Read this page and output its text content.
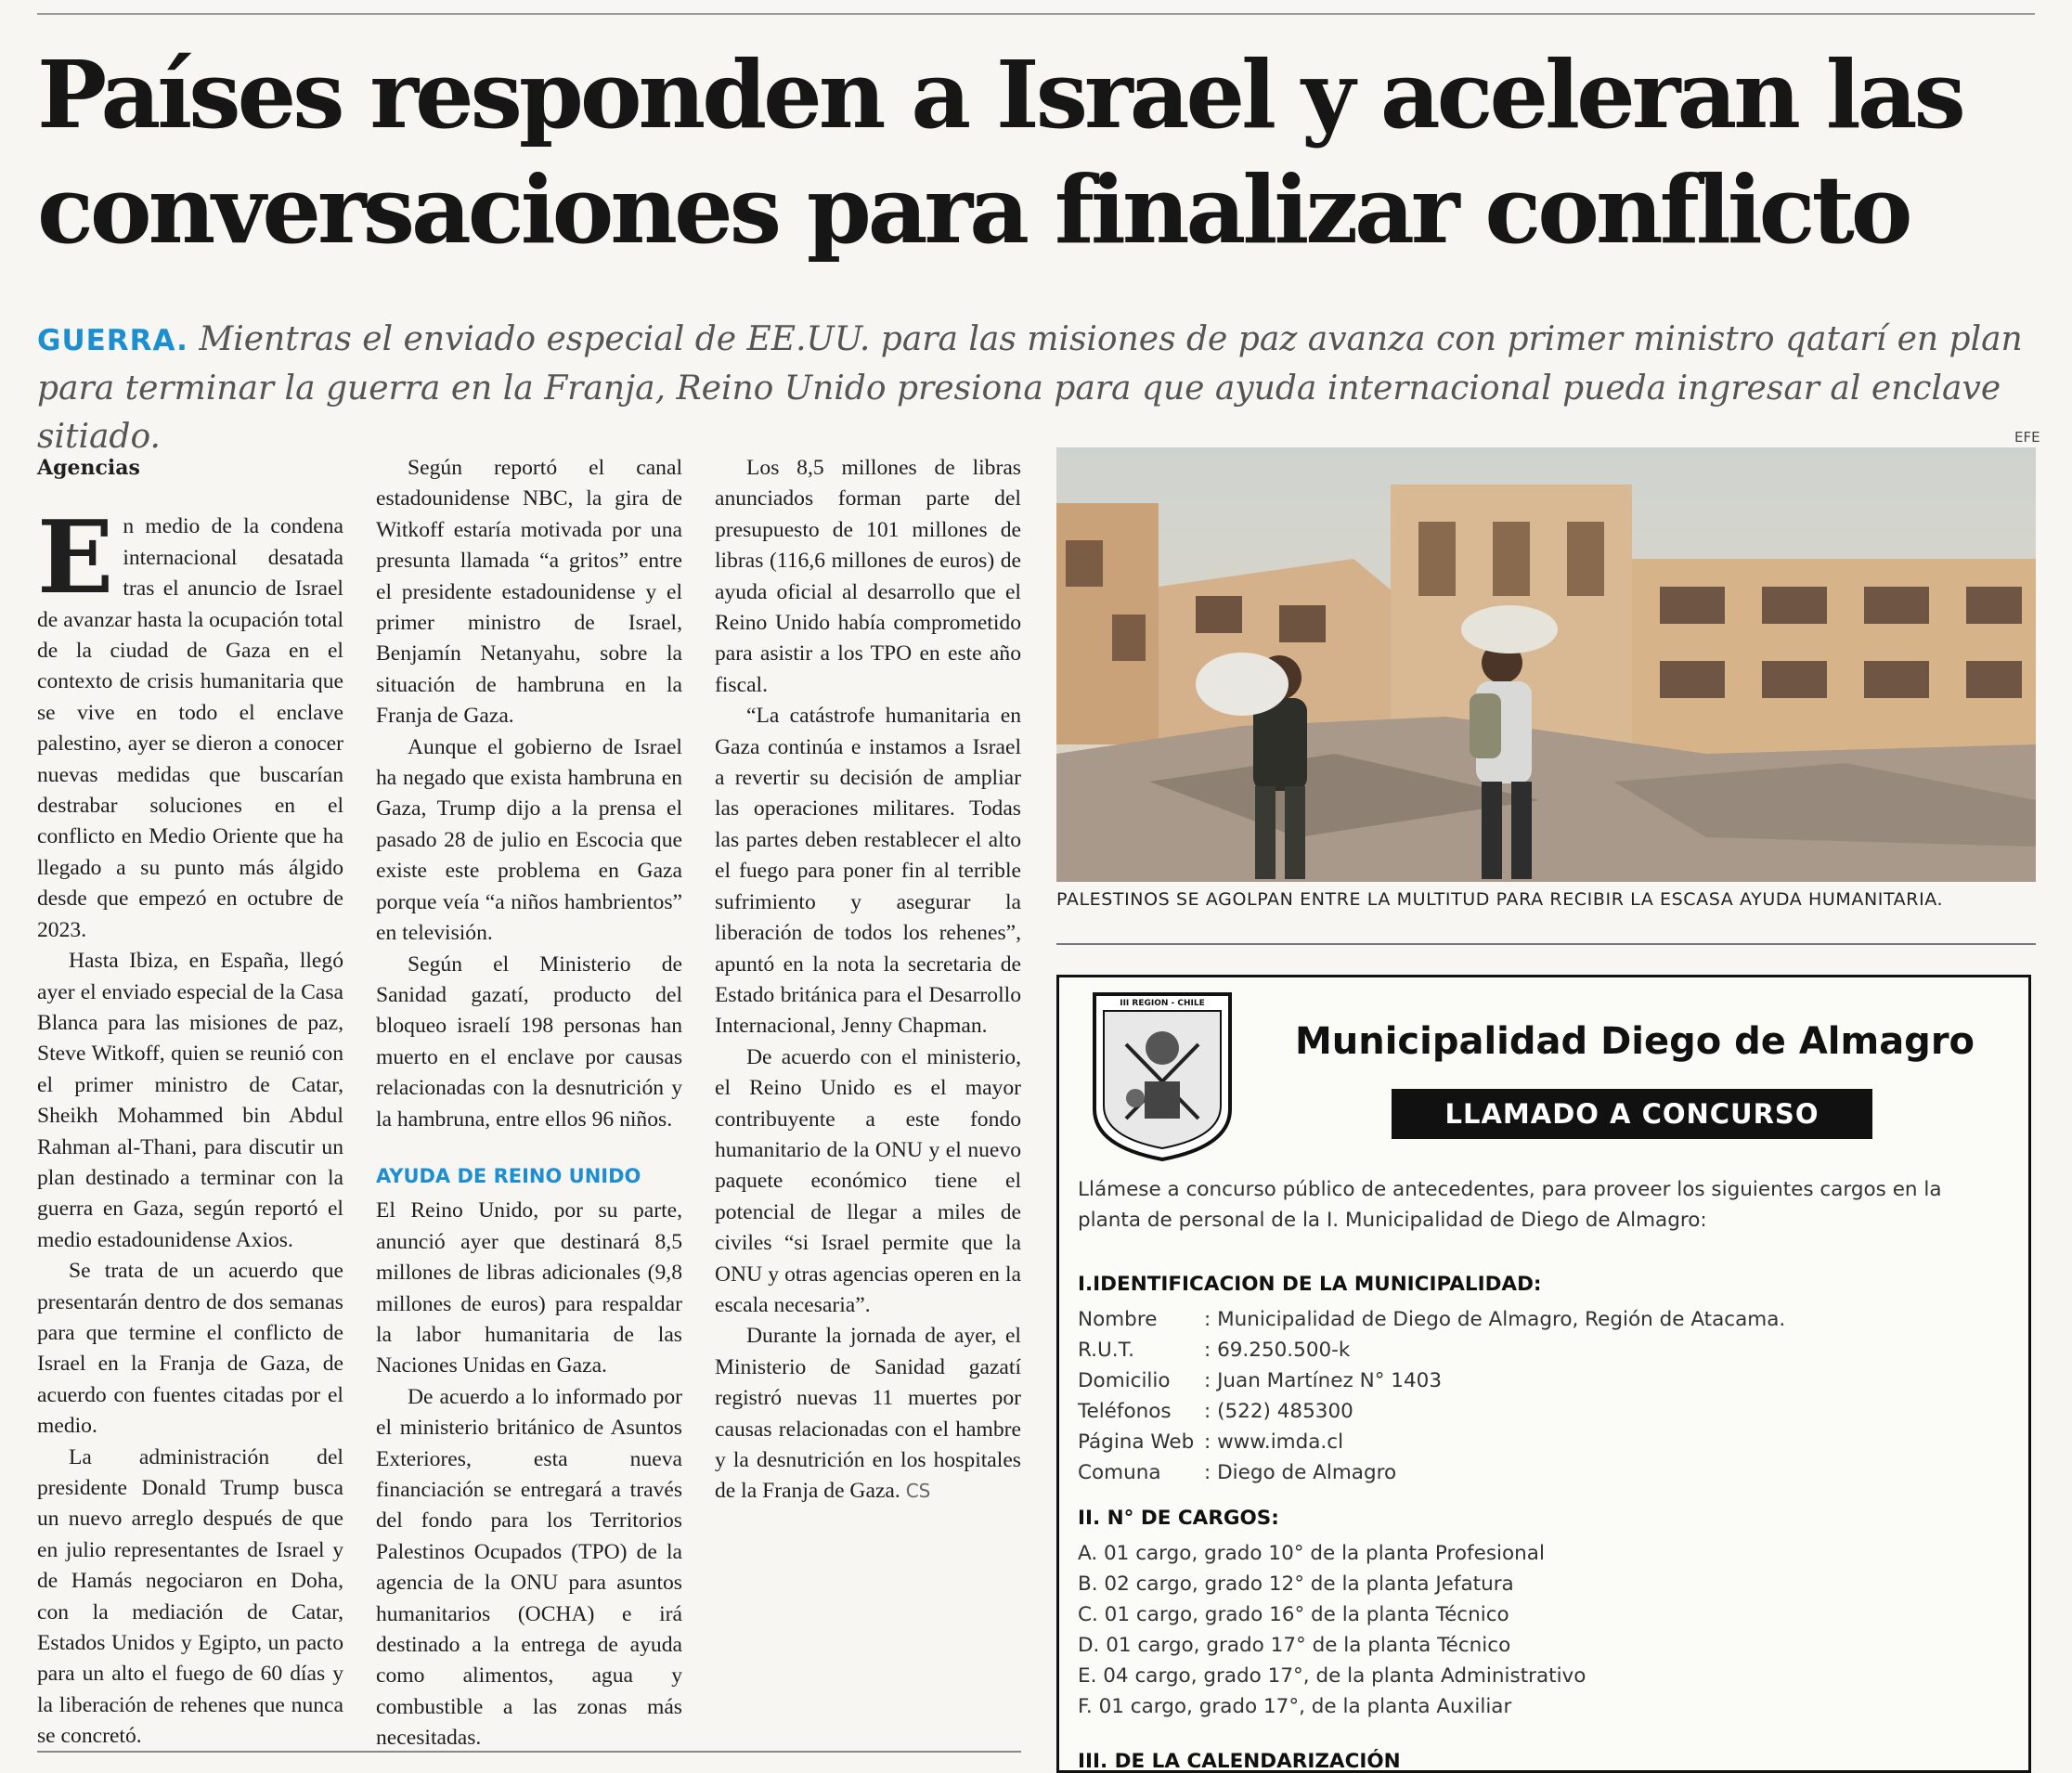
Países responden a Israel y aceleran las conversaciones para finalizar conflicto

GUERRA. Mientras el enviado especial de EE.UU. para las misiones de paz avanza con primer ministro qatarí en plan para terminar la guerra en la Franja, Reino Unido presiona para que ayuda internacional pueda ingresar al enclave sitiado.

Agencias
E n medio de la condena internacional desatada tras el anuncio de Israel de avanzar hasta la ocupación total de la ciudad de Gaza en el contexto de crisis humanitaria que se vive en todo el enclave palestino, ayer se dieron a conocer nuevas medidas que buscarían destrabar soluciones en el conflicto en Medio Oriente que ha llegado a su punto más álgido desde que empezó en octubre de 2023.

Hasta Ibiza, en España, llegó ayer el enviado especial de la Casa Blanca para las misiones de paz, Steve Witkoff, quien se reunió con el primer ministro de Catar, Sheikh Mohammed bin Abdul Rahman al-Thani, para discutir un plan destinado a terminar con la guerra en Gaza, según reportó el medio estadounidense Axios.

Se trata de un acuerdo que presentarán dentro de dos semanas para que termine el conflicto de Israel en la Franja de Gaza, de acuerdo con fuentes citadas por el medio.

La administración del presidente Donald Trump busca un nuevo arreglo después de que en julio representantes de Israel y de Hamás negociaron en Doha, con la mediación de Catar, Estados Unidos y Egipto, un pacto para un alto el fuego de 60 días y la liberación de rehenes que nunca se concretó.

Según reportó el canal estadounidense NBC, la gira de Witkoff estaría motivada por una presunta llamada “a gritos” entre el presidente estadounidense y el primer ministro de Israel, Benjamín Netanyahu, sobre la situación de hambruna en la Franja de Gaza.

Aunque el gobierno de Israel ha negado que exista hambruna en Gaza, Trump dijo a la prensa el pasado 28 de julio en Escocia que existe este problema en Gaza porque veía “a niños hambrientos” en televisión.

Según el Ministerio de Sanidad gazatí, producto del bloqueo israelí 198 personas han muerto en el enclave por causas relacionadas con la desnutrición y la hambruna, entre ellos 96 niños.

AYUDA DE REINO UNIDO

El Reino Unido, por su parte, anunció ayer que destinará 8,5 millones de libras adicionales (9,8 millones de euros) para respaldar la labor humanitaria de las Naciones Unidas en Gaza.

De acuerdo a lo informado por el ministerio británico de Asuntos Exteriores, esta nueva financiación se entregará a través del fondo para los Territorios Palestinos Ocupados (TPO) de la agencia de la ONU para asuntos humanitarios (OCHA) e irá destinado a la entrega de ayuda como alimentos, agua y combustible a las zonas más necesitadas.

Los 8,5 millones de libras anunciados forman parte del presupuesto de 101 millones de libras (116,6 millones de euros) de ayuda oficial al desarrollo que el Reino Unido había comprometido para asistir a los TPO en este año fiscal.

“La catástrofe humanitaria en Gaza continúa e instamos a Israel a revertir su decisión de ampliar las operaciones militares. Todas las partes deben restablecer el alto el fuego para poner fin al terrible sufrimiento y asegurar la liberación de todos los rehenes”, apuntó en la nota la secretaria de Estado británica para el Desarrollo Internacional, Jenny Chapman.

De acuerdo con el ministerio, el Reino Unido es el mayor contribuyente a este fondo humanitario de la ONU y el nuevo paquete económico tiene el potencial de llegar a miles de civiles “si Israel permite que la ONU y otras agencias operen en la escala necesaria”.

Durante la jornada de ayer, el Ministerio de Sanidad gazatí registró nuevas 11 muertes por causas relacionadas con el hambre y la desnutrición en los hospitales de la Franja de Gaza. CS

EFE
PALESTINOS SE AGOLPAN ENTRE LA MULTITUD PARA RECIBIR LA ESCASA AYUDA HUMANITARIA.
III REGION - CHILE
Municipalidad Diego de Almagro
LLAMADO A CONCURSO
Llámese a concurso público de antecedentes, para proveer los siguientes cargos en la planta de personal de la I. Municipalidad de Diego de Almagro:
I.IDENTIFICACION DE LA MUNICIPALIDAD:
Nombre	: Municipalidad de Diego de Almagro, Región de Atacama.
R.U.T.	: 69.250.500-k
Domicilio	: Juan Martínez N° 1403
Teléfonos	: (522) 485300
Página Web	: www.imda.cl
Comuna	: Diego de Almagro
II. N° DE CARGOS:
A. 01 cargo, grado 10° de la planta Profesional
B. 02 cargo, grado 12° de la planta Jefatura
C. 01 cargo, grado 16° de la planta Técnico
D. 01 cargo, grado 17° de la planta Técnico
E. 04 cargo, grado 17°, de la planta Administrativo
F. 01 cargo, grado 17°, de la planta Auxiliar
III. DE LA CALENDARIZACIÓN
